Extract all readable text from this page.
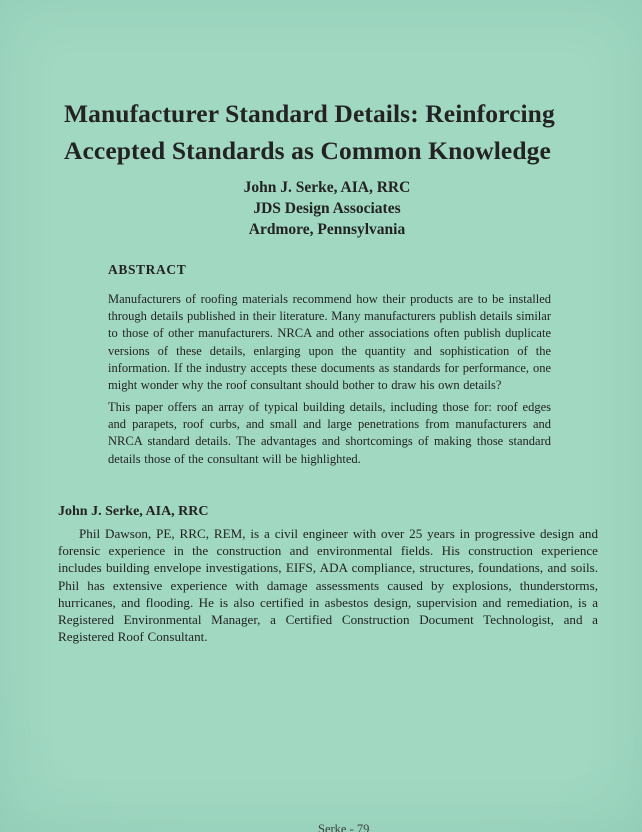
Manufacturer Standard Details: Reinforcing
Accepted Standards as Common Knowledge
John J. Serke, AIA, RRC
JDS Design Associates
Ardmore, Pennsylvania
ABSTRACT

Manufacturers of roofing materials recommend how their products are to be installed through details published in their literature. Many manufacturers publish details similar to those of other manufacturers. NRCA and other associations often publish duplicate versions of these details, enlarging upon the quantity and sophistication of the information. If the industry accepts these documents as standards for performance, one might wonder why the roof consultant should bother to draw his own details?

This paper offers an array of typical building details, including those for: roof edges and parapets, roof curbs, and small and large penetrations from manufacturers and NRCA standard details. The advantages and shortcomings of making those standard details those of the consultant will be highlighted.

John J. Serke, AIA, RRC

Phil Dawson, PE, RRC, REM, is a civil engineer with over 25 years in progressive design and forensic experience in the construction and environmental fields. His construction experience includes building envelope investigations, EIFS, ADA compliance, structures, foundations, and soils. Phil has extensive experience with damage assessments caused by explosions, thunderstorms, hurricanes, and flooding. He is also certified in asbestos design, supervision and remediation, is a Registered Environmental Manager, a Certified Construction Document Technologist, and a Registered Roof Consultant.

Serke - 79
